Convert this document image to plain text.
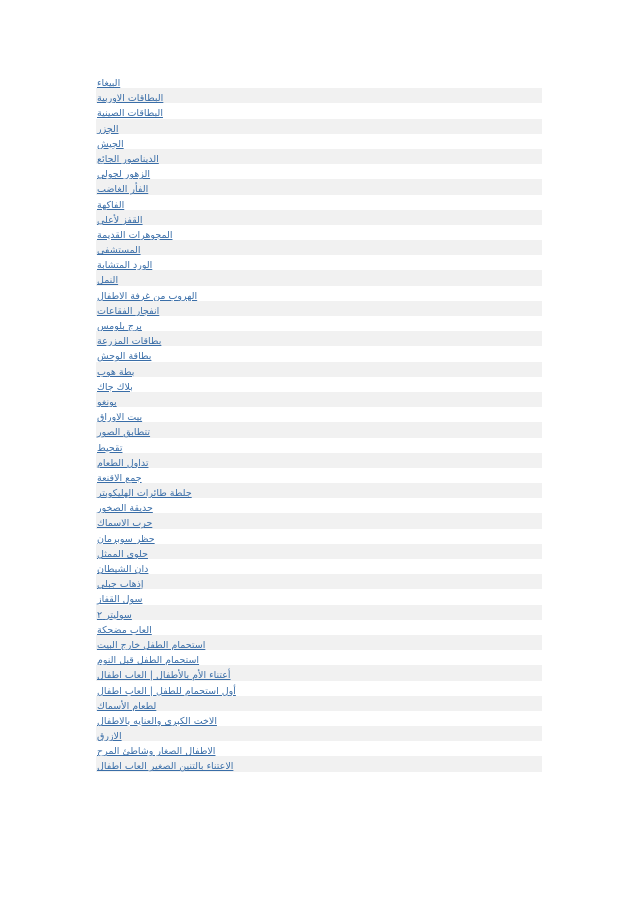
البيغاء
البطاقات الاوربية
البطاقات الصينية
الجزر
الجيش
الديناصور الجائع
الزهور لجولي
الفأر الغاضب
الفاكهة
القفز لأعلى
المجوهرات القديمة
المستشفى
الورد المتشابة
النمل
الهروب من غرفة الاطفال
انفجار الفقاعات
برج بلومس
بطاقات المزرعة
بطاقة الوحش
بطة هوب
بلاك جاك
بونغو
بيت الاوراق
تتطابق الصور
تقحيط
تداول الطعام
جمع الاقنعة
جلطة طائرات الهليكوبتر
حديقة الصخور
حرب الاسماك
حظر سوبرمان
حلوى الممثل
دان الشيطان
إذهاب جبلي
سول القفاز
سوليتر ٢
العاب مضحكة
استحمام الطفل خارج البيت
استحمام الطفل قبل النوم
أعتناء الأم بالأطفال | العاب اطفال
أول استحمام للطفل | العاب اطفال
لطعام الأسماك
الاخت الكبرى والعنايه بالاطفال
الازرق
الاطفال الصغار وشاطئ المرح
الاعتناء بالتنين الصغير العاب اطفال
